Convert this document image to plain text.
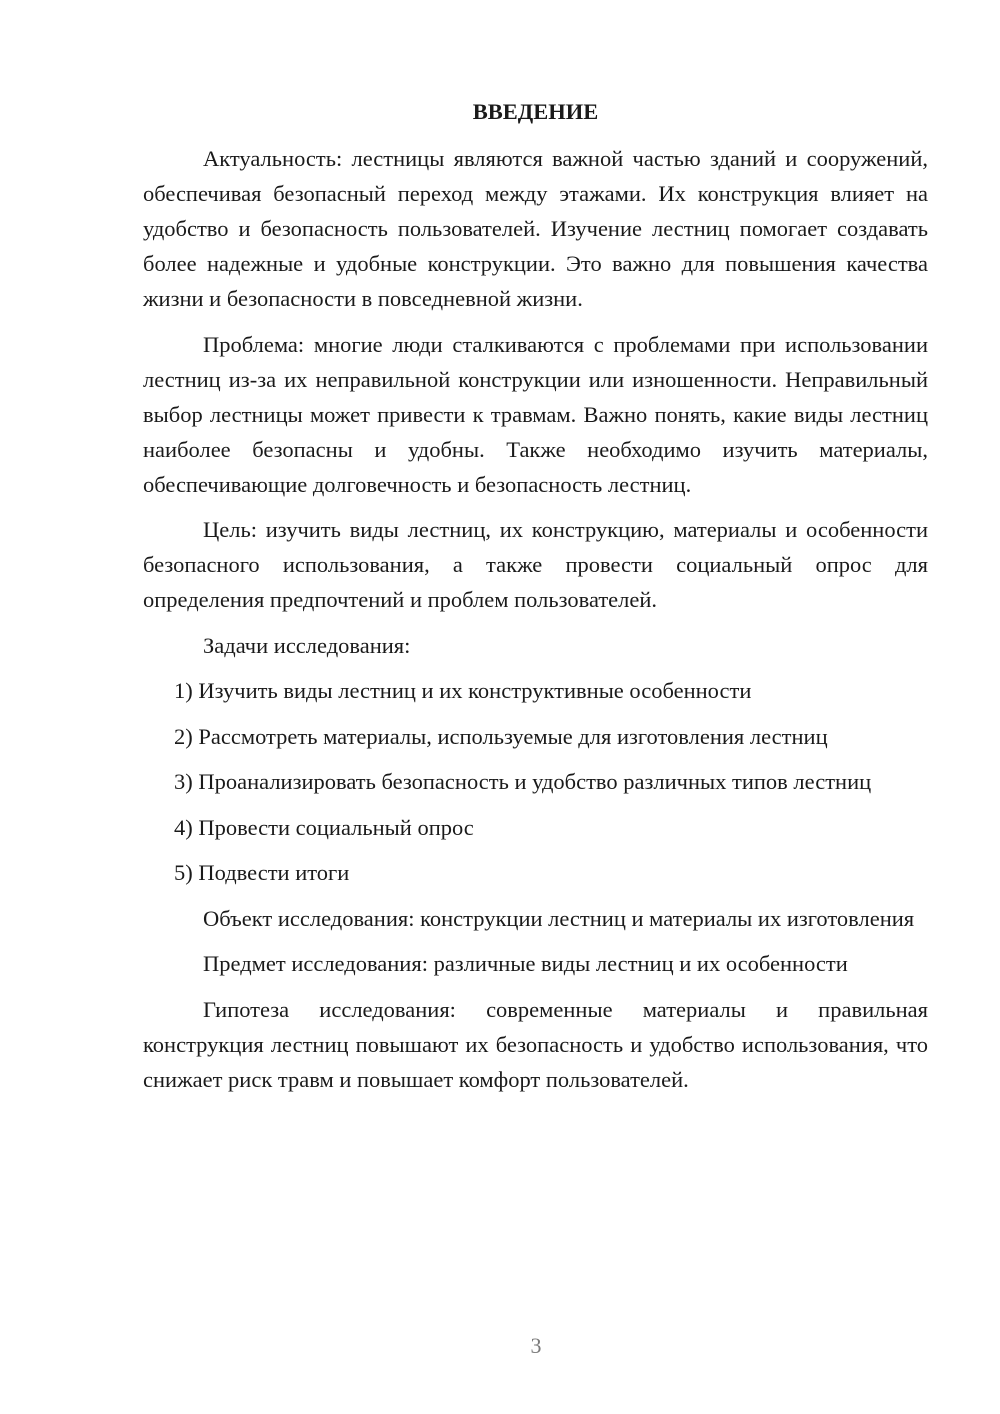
ВВЕДЕНИЕ

Актуальность: лестницы являются важной частью зданий и сооружений, обеспечивая безопасный переход между этажами. Их конструкция влияет на удобство и безопасность пользователей. Изучение лестниц помогает создавать более надежные и удобные конструкции. Это важно для повышения качества жизни и безопасности в повседневной жизни.

Проблема: многие люди сталкиваются с проблемами при использовании лестниц из-за их неправильной конструкции или изношенности. Неправильный выбор лестницы может привести к травмам. Важно понять, какие виды лестниц наиболее безопасны и удобны. Также необходимо изучить материалы, обеспечивающие долговечность и безопасность лестниц.

Цель: изучить виды лестниц, их конструкцию, материалы и особенности безопасного использования, а также провести социальный опрос для определения предпочтений и проблем пользователей.

Задачи исследования:

1) Изучить виды лестниц и их конструктивные особенности

2) Рассмотреть материалы, используемые для изготовления лестниц

3) Проанализировать безопасность и удобство различных типов лестниц

4) Провести социальный опрос

5) Подвести итоги

Объект исследования: конструкции лестниц и материалы их изготовления

Предмет исследования: различные виды лестниц и их особенности

Гипотеза исследования: современные материалы и правильная конструкция лестниц повышают их безопасность и удобство использования, что снижает риск травм и повышает комфорт пользователей.

3
